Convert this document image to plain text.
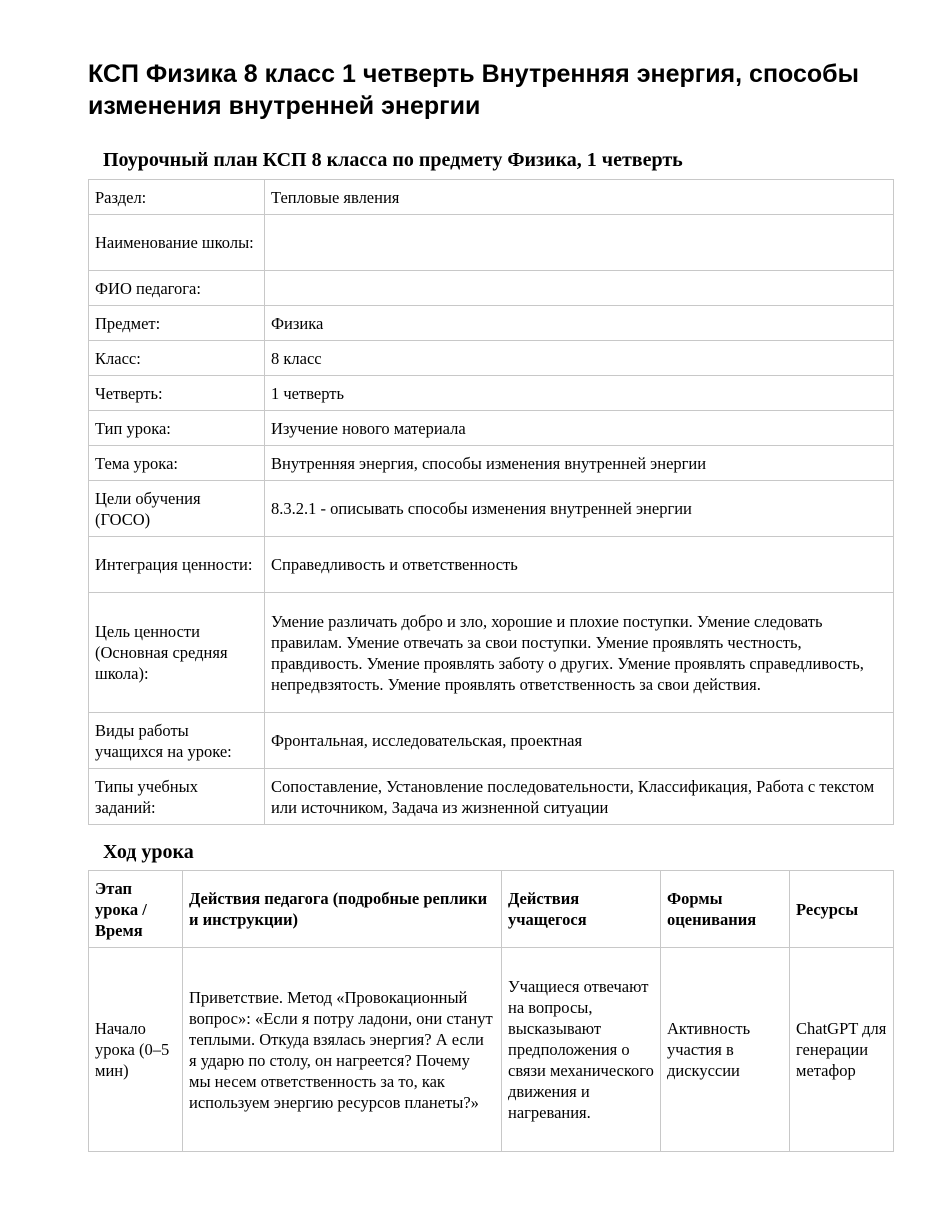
КСП Физика 8 класс 1 четверть Внутренняя энергия, способы изменения внутренней энергии
Поурочный план КСП 8 класса по предмету Физика, 1 четверть
Раздел:	Тепловые явления
Наименование школы:	
ФИО педагога:	
Предмет:	Физика
Класс:	8 класс
Четверть:	1 четверть
Тип урока:	Изучение нового материала
Тема урока:	Внутренняя энергия, способы изменения внутренней энергии
Цели обучения (ГОСО)	8.3.2.1 - описывать способы изменения внутренней энергии
Интеграция ценности:	Справедливость и ответственность
Цель ценности (Основная средняя школа):	Умение различать добро и зло, хорошие и плохие поступки. Умение следовать правилам. Умение отвечать за свои поступки. Умение проявлять честность, правдивость. Умение проявлять заботу о других. Умение проявлять справедливость, непредвзятость. Умение проявлять ответственность за свои действия.
Виды работы учащихся на уроке:	Фронтальная, исследовательская, проектная
Типы учебных заданий:	Сопоставление, Установление последовательности, Классификация, Работа с текстом или источником, Задача из жизненной ситуации
Ход урока
Этап урока / Время	Действия педагога (подробные реплики и инструкции)	Действия учащегося	Формы оценивания	Ресурсы
Начало урока (0–5 мин)	Приветствие. Метод «Провокационный вопрос»: «Если я потру ладони, они станут теплыми. Откуда взялась энергия? А если я ударю по столу, он нагреется? Почему мы несем ответственность за то, как используем энергию ресурсов планеты?»	Учащиеся отвечают на вопросы, высказывают предположения о связи механического движения и нагревания.	Активность участия в дискуссии	ChatGPT для генерации метафор
